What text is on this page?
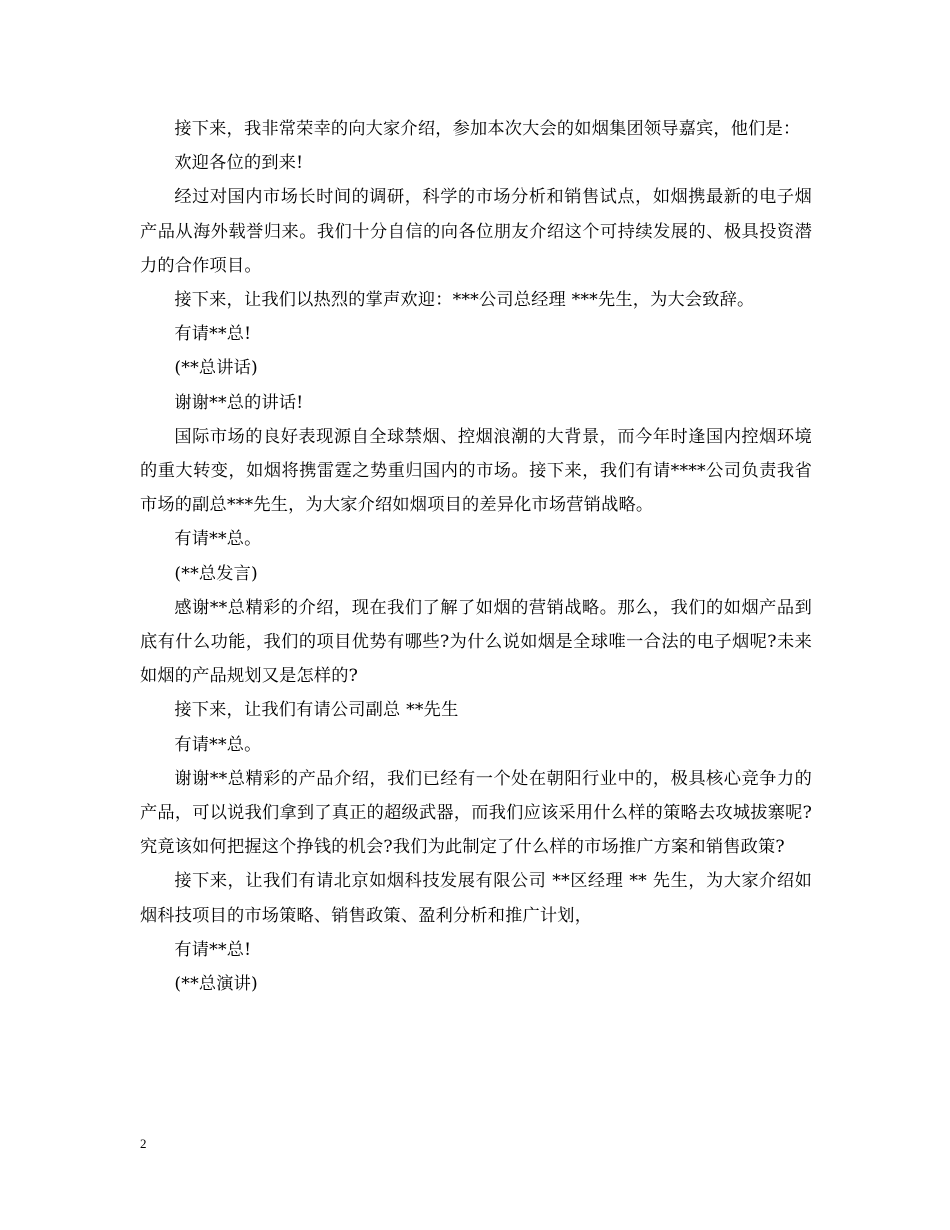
接下来，我非常荣幸的向大家介绍，参加本次大会的如烟集团领导嘉宾，他们是：

欢迎各位的到来!

经过对国内市场长时间的调研，科学的市场分析和销售试点，如烟携最新的电子烟产品从海外载誉归来。我们十分自信的向各位朋友介绍这个可持续发展的、极具投资潜力的合作项目。

接下来，让我们以热烈的掌声欢迎：***公司总经理 ***先生，为大会致辞。

有请**总!

(**总讲话)

谢谢**总的讲话!

国际市场的良好表现源自全球禁烟、控烟浪潮的大背景，而今年时逢国内控烟环境的重大转变，如烟将携雷霆之势重归国内的市场。接下来，我们有请****公司负责我省市场的副总***先生，为大家介绍如烟项目的差异化市场营销战略。

有请**总。

(**总发言)

感谢**总精彩的介绍，现在我们了解了如烟的营销战略。那么，我们的如烟产品到底有什么功能，我们的项目优势有哪些?为什么说如烟是全球唯一合法的电子烟呢?未来如烟的产品规划又是怎样的?

接下来，让我们有请公司副总 **先生

有请**总。

谢谢**总精彩的产品介绍，我们已经有一个处在朝阳行业中的，极具核心竞争力的产品，可以说我们拿到了真正的超级武器，而我们应该采用什么样的策略去攻城拔寨呢?究竟该如何把握这个挣钱的机会?我们为此制定了什么样的市场推广方案和销售政策?

接下来，让我们有请北京如烟科技发展有限公司 **区经理 ** 先生，为大家介绍如烟科技项目的市场策略、销售政策、盈利分析和推广计划，

有请**总!

(**总演讲)

2
